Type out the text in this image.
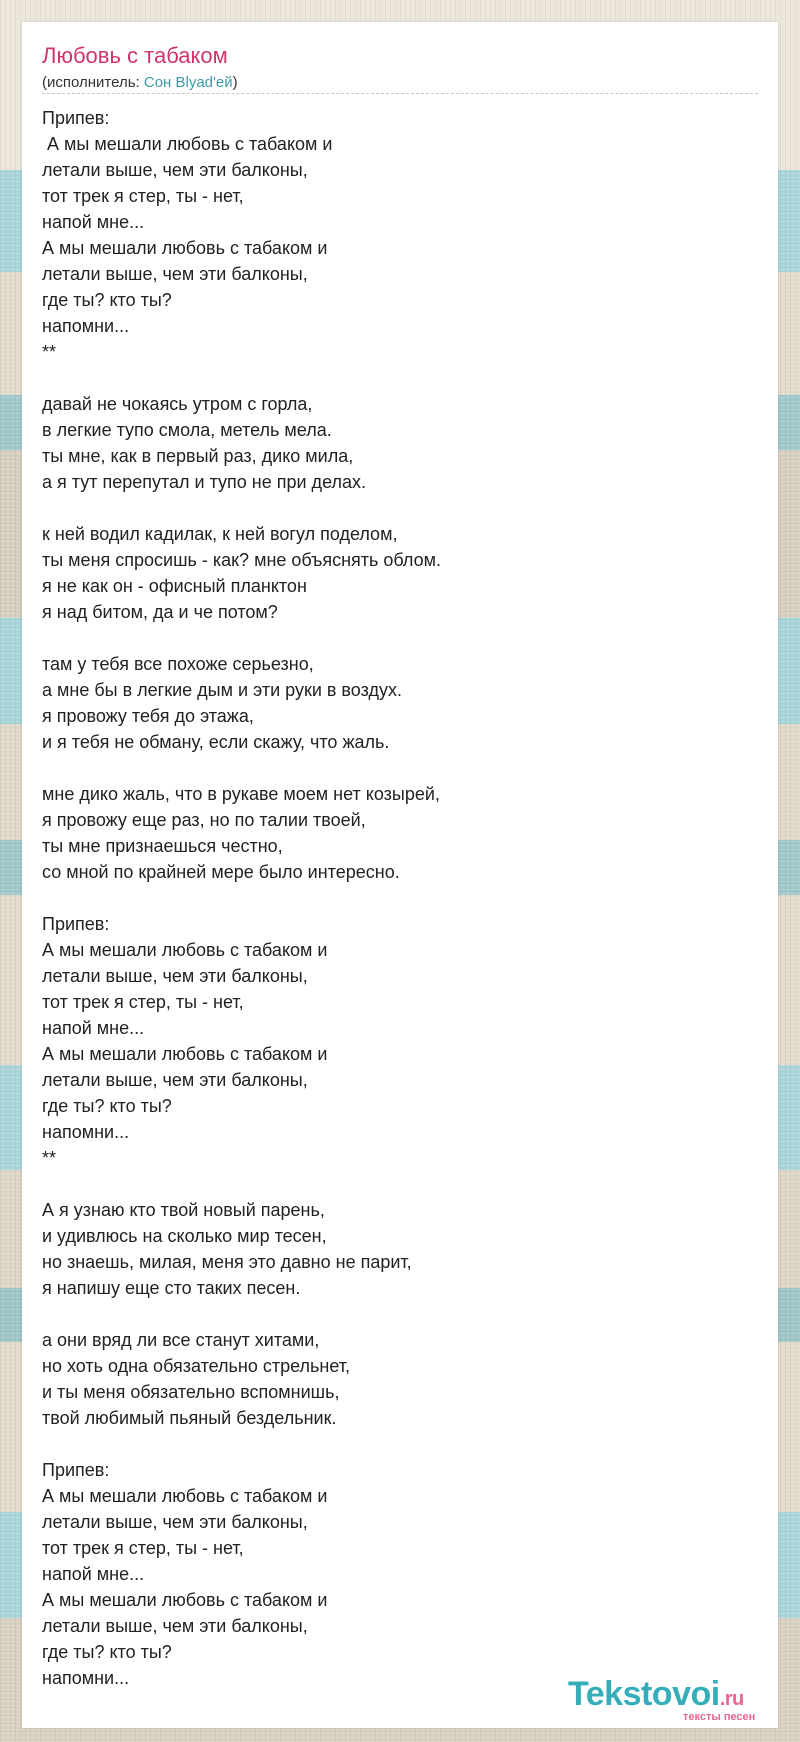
Любовь с табаком
(исполнитель: Сон Blyad'ей)
Припев:
А мы мешали любовь с табаком и
летали выше, чем эти балконы,
тот трек я стер, ты - нет,
напой мне...
А мы мешали любовь с табаком и
летали выше, чем эти балконы,
где ты? кто ты?
напомни...
**
давай не чокаясь утром с горла,
в легкие тупо смола, метель мела.
ты мне, как в первый раз, дико мила,
а я тут перепутал и тупо не при делах.
к ней водил кадилак, к ней вогул поделом,
ты меня спросишь - как? мне объяснять облом.
я не как он - офисный планктон
я над битом, да и че потом?
там у тебя все похоже серьезно,
а мне бы в легкие дым и эти руки в воздух.
я провожу тебя до этажа,
и я тебя не обману, если скажу, что жаль.
мне дико жаль, что в рукаве моем нет козырей,
я провожу еще раз, но по талии твоей,
ты мне признаешься честно,
со мной по крайней мере было интересно.
Припев:
А мы мешали любовь с табаком и
летали выше, чем эти балконы,
тот трек я стер, ты - нет,
напой мне...
А мы мешали любовь с табаком и
летали выше, чем эти балконы,
где ты? кто ты?
напомни...
**
А я узнаю кто твой новый парень,
и удивлюсь на сколько мир тесен,
но знаешь, милая, меня это давно не парит,
я напишу еще сто таких песен.
а они вряд ли все станут хитами,
но хоть одна обязательно стрельнет,
и ты меня обязательно вспомнишь,
твой любимый пьяный бездельник.
Припев:
А мы мешали любовь с табаком и
летали выше, чем эти балконы,
тот трек я стер, ты - нет,
напой мне...
А мы мешали любовь с табаком и
летали выше, чем эти балконы,
где ты? кто ты?
напомни...	Tekstovoi.ru
тексты песен
